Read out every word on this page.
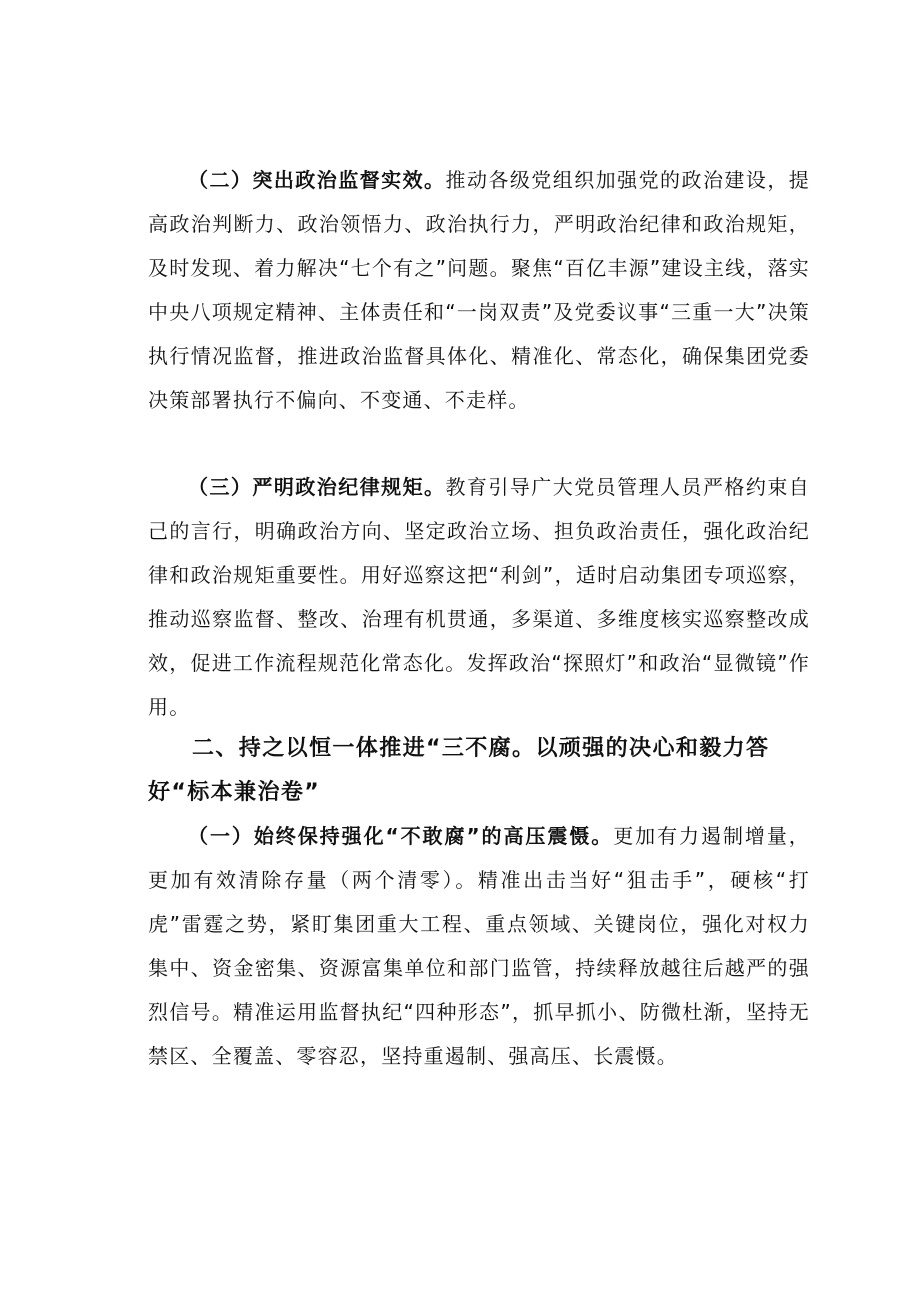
（二）突出政治监督实效。推动各级党组织加强党的政治建设，提高政治判断力、政治领悟力、政治执行力，严明政治纪律和政治规矩，及时发现、着力解决“七个有之”问题。聚焦“百亿丰源”建设主线，落实中央八项规定精神、主体责任和“一岗双责”及党委议事“三重一大”决策执行情况监督，推进政治监督具体化、精准化、常态化，确保集团党委决策部署执行不偏向、不变通、不走样。

（三）严明政治纪律规矩。教育引导广大党员管理人员严格约束自己的言行，明确政治方向、坚定政治立场、担负政治责任，强化政治纪律和政治规矩重要性。用好巡察这把“利剑”，适时启动集团专项巡察，推动巡察监督、整改、治理有机贯通，多渠道、多维度核实巡察整改成效，促进工作流程规范化常态化。发挥政治“探照灯”和政治“显微镜”作用。

二、持之以恒一体推进“三不腐。以顽强的决心和毅力答好“标本兼治卷”

（一）始终保持强化“不敢腐”的高压震慑。更加有力遏制增量，更加有效清除存量（两个清零）。精准出击当好“狙击手”，硬核“打虎”雷霆之势，紧盯集团重大工程、重点领域、关键岗位，强化对权力集中、资金密集、资源富集单位和部门监管，持续释放越往后越严的强烈信号。精准运用监督执纪“四种形态”，抓早抓小、防微杜渐，坚持无禁区、全覆盖、零容忍，坚持重遏制、强高压、长震慑。
